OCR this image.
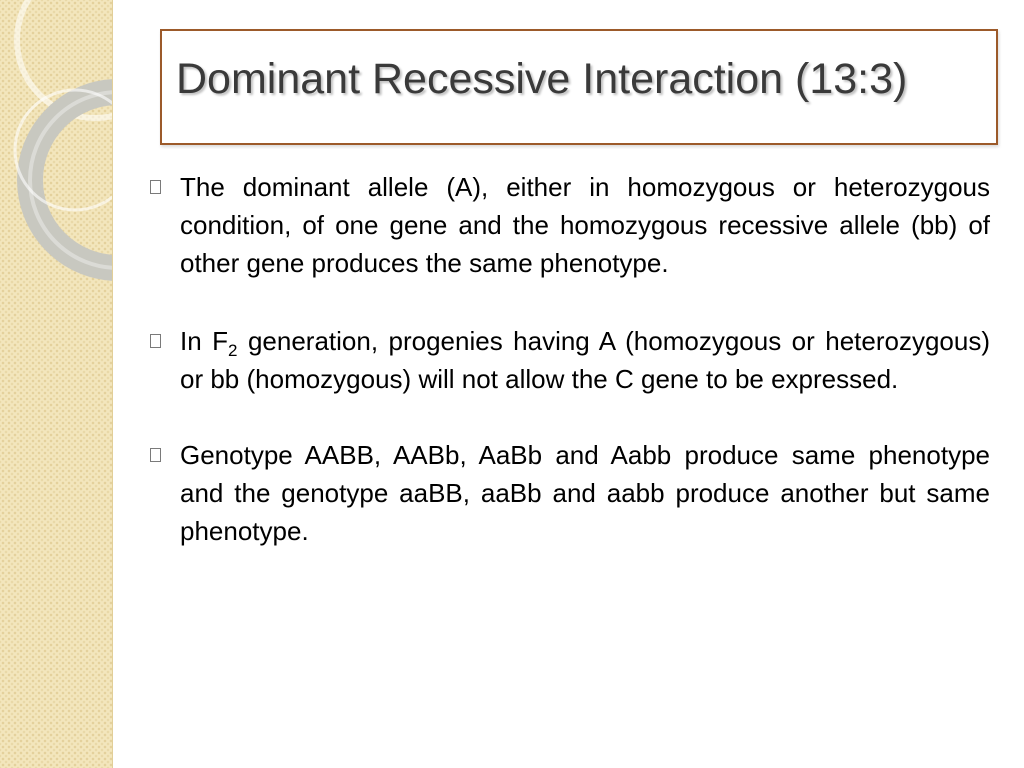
Dominant Recessive Interaction (13:3)
The dominant allele (A), either in homozygous or heterozygous condition, of one gene and the homozygous recessive allele (bb) of other gene produces the same phenotype.
In $F_2$ generation, progenies having A (homozygous or heterozygous) or bb (homozygous) will not allow the C gene to be expressed.
Genotype AABB, AABb, AaBb and Aabb produce same phenotype and the genotype aaBB, aaBb and aabb produce another but same phenotype.
